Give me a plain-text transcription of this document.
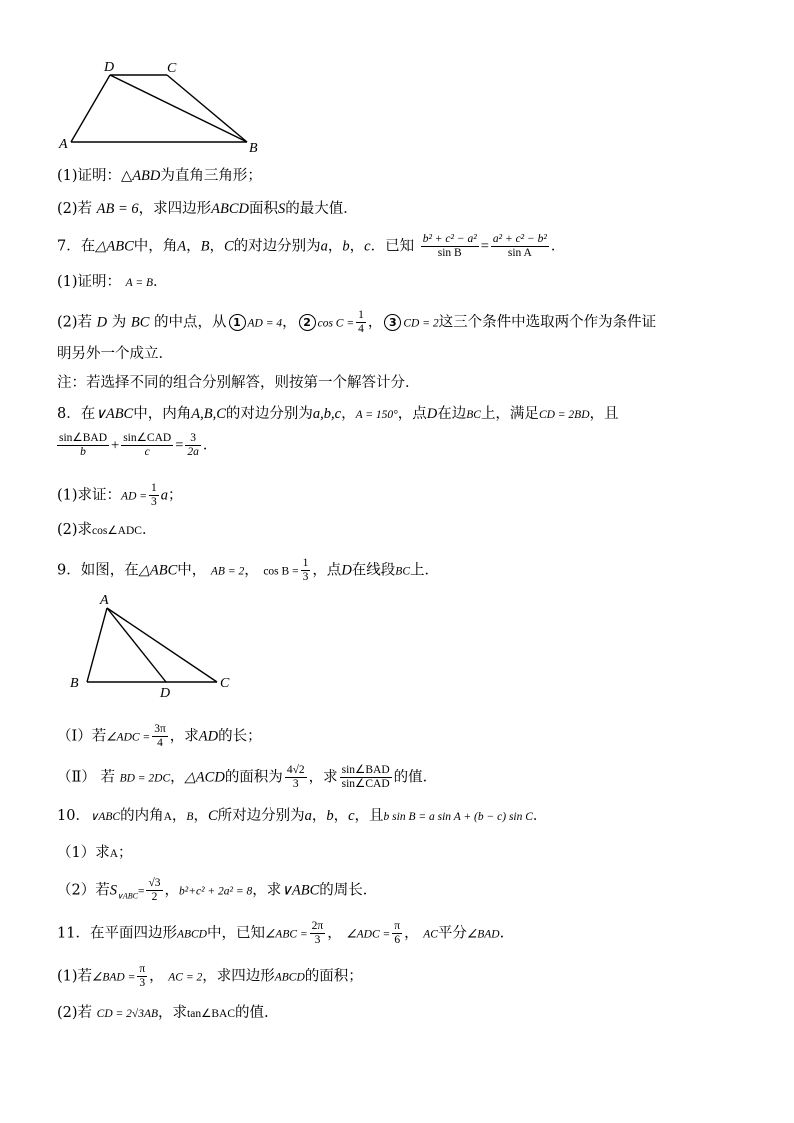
D	C
A	B
(1)证明：△ABD为直角三角形；
(2)若 AB = 6，求四边形ABCD面积S的最大值．
7．在△ABC中，角A，B，C的对边分别为a，b，c．已知 $\frac{\text{b² + c² − a²}}{\text{sin B}} = \frac{\text{a² + c² − b²}}{\text{sin A}}$ ．
(1)证明： A = B．
(2)若 D 为 BC 的中点，从 1 AD = 4， 2 $\cos C = \frac{1}{4}$ ， 3 CD = 2这三个条件中选取两个作为条件证
明另外一个成立．
注：若选择不同的组合分别解答，则按第一个解答计分．
8．在∨ABC中，内角A,B,C的对边分别为a,b,c，A = 150°，点D在边BC上，满足CD = 2BD，且
$\frac{\text{sin∠BAD}}{b} + \frac{\text{sin∠CAD}}{c} = \frac{3}{2a}$ ．
(1)求证：AD = $\frac{1}{3}$ a；
(2)求cos∠ADC．
9．如图，在△ABC中， AB = 2， $\cos B = \frac{1}{3}$ ，点D在线段BC上．
A
B	C
D
（Ⅰ）若∠ADC = $\frac{3\pi}{4}$ ，求AD的长；
（Ⅱ） 若 BD = 2DC，△ACD的面积为 $\frac{4√2}{3}$ ，求 $\frac{\text{sin∠BAD}}{\text{sin∠CAD}}$ 的值．
10．∨ABC的内角A，B，C所对边分别为a，b，c，且b sin B = a sin A + (b − c) sin C．
（1）求A；
（2）若$S_{\vee ABC}= \frac{√3}{2}$ ，b²+c² + 2a² = 8，求∨ABC的周长．
11．在平面四边形ABCD中，已知∠ABC = $\frac{2\pi}{3}$ ， ∠ADC = $\frac{\pi}{6}$ ， AC平分∠BAD.
(1)若∠BAD = $\frac{\pi}{3}$ ， AC = 2，求四边形ABCD的面积；
(2)若 CD = 2√3AB，求tan∠BAC的值.
